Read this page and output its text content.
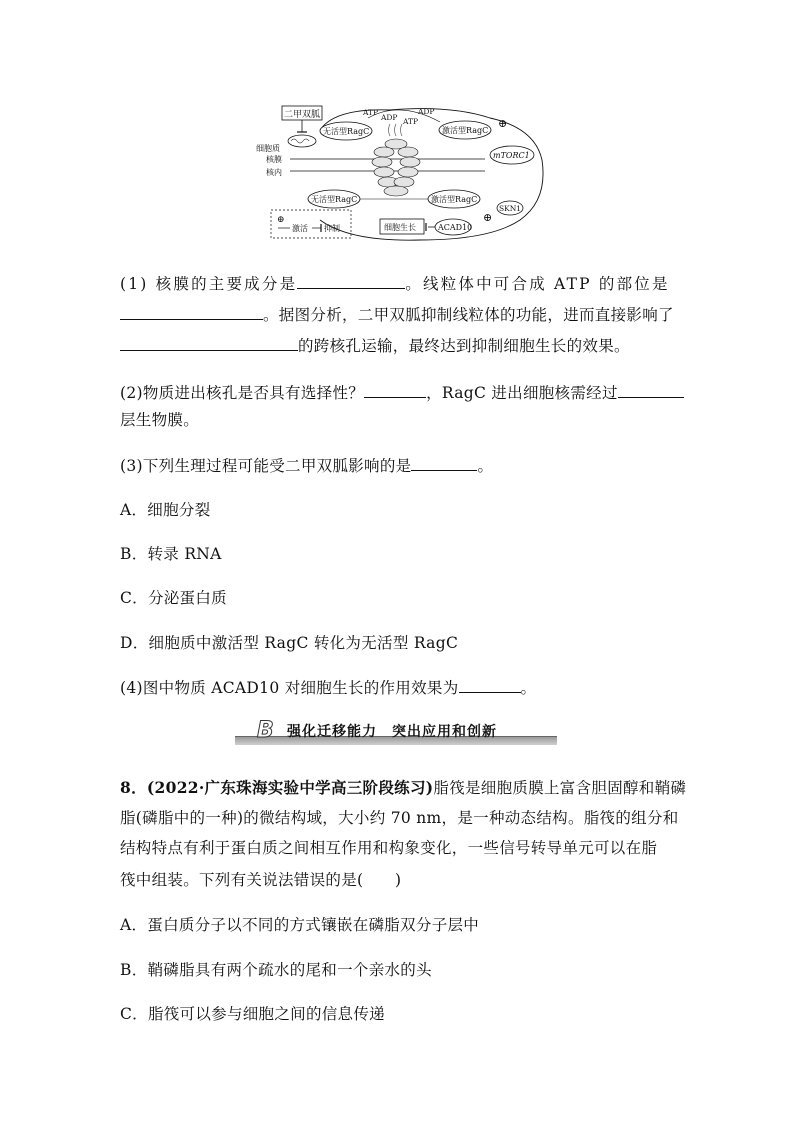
二甲双胍
细胞质
核膜
核内
无活型RagC	激活型RagC
ATP
ADP ATP
ADP
⊕
⊕
mTORC1
无活型RagC	激活型RagC
SKN1
ACAD10
细胞生长
⊕
激活 抑制
(1) 核膜的主要成分是	。线粒体中可合成 ATP 的部位是
。据图分析，二甲双胍抑制线粒体的功能，进而直接影响了
的跨核孔运输，最终达到抑制细胞生长的效果。
(2)物质进出核孔是否具有选择性？	，RagC 进出细胞核需经过
层生物膜。
(3)下列生理过程可能受二甲双胍影响的是	。
A．细胞分裂
B．转录 RNA
C．分泌蛋白质
D．细胞质中激活型 RagC 转化为无活型 RagC
(4)图中物质 ACAD10 对细胞生长的作用效果为	。
B 强化迁移能力　突出应用和创新
8．(2022·广东珠海实验中学高三阶段练习)脂筏是细胞质膜上富含胆固醇和鞘磷
脂(磷脂中的一种)的微结构域，大小约 70 nm，是一种动态结构。脂筏的组分和
结构特点有利于蛋白质之间相互作用和构象变化，一些信号转导单元可以在脂
筏中组装。下列有关说法错误的是(　　)
A．蛋白质分子以不同的方式镶嵌在磷脂双分子层中
B．鞘磷脂具有两个疏水的尾和一个亲水的头
C．脂筏可以参与细胞之间的信息传递
